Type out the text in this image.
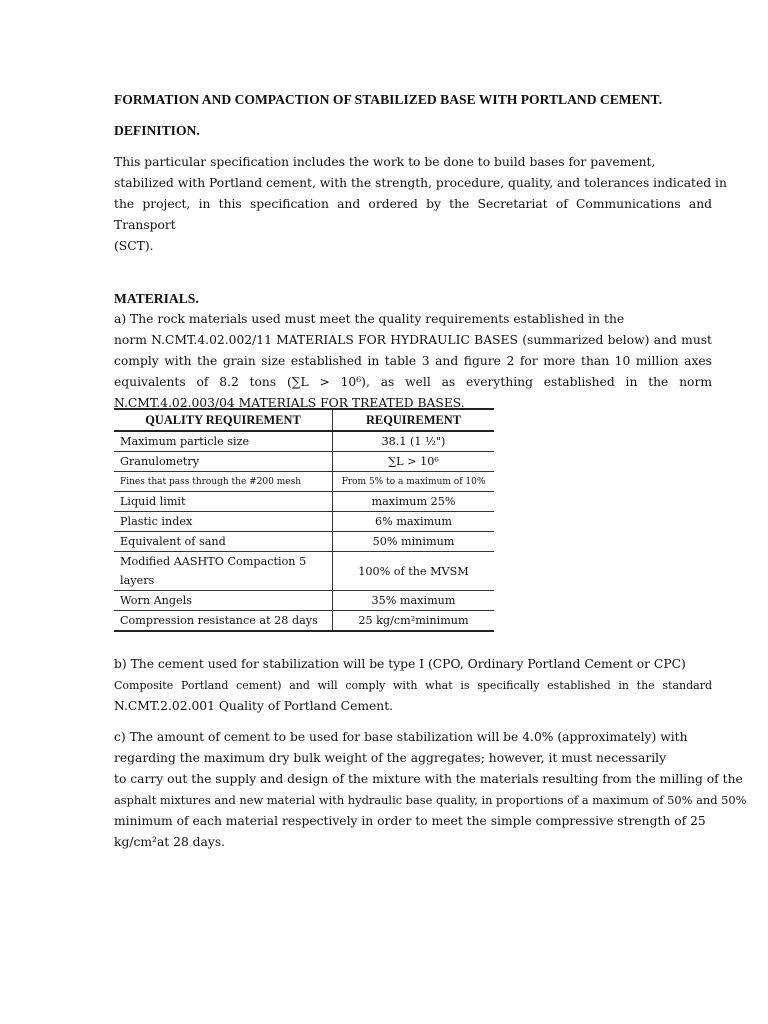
FORMATION AND COMPACTION OF STABILIZED BASE WITH PORTLAND CEMENT.
DEFINITION.
This particular specification includes the work to be done to build bases for pavement,
stabilized with Portland cement, with the strength, procedure, quality, and tolerances indicated in
the project, in this specification and ordered by the Secretariat of Communications and Transport
(SCT).
MATERIALS.
a) The rock materials used must meet the quality requirements established in the
norm N.CMT.4.02.002/11 MATERIALS FOR HYDRAULIC BASES (summarized below) and must
comply with the grain size established in table 3 and figure 2 for more than 10 million axes
equivalents of 8.2 tons (∑L > 10⁶), as well as everything established in the norm
N.CMT.4.02.003/04 MATERIALS FOR TREATED BASES.
QUALITY REQUIREMENT	REQUIREMENT
Maximum particle size	38.1 (1 ½")
Granulometry	∑L > 10⁶
Fines that pass through the #200 mesh	From 5% to a maximum of 10%
Liquid limit	maximum 25%
Plastic index	6% maximum
Equivalent of sand	50% minimum
Modified AASHTO Compaction 5 layers	100% of the MVSM
Worn Angels	35% maximum
Compression resistance at 28 days	25 kg/cm²minimum
b) The cement used for stabilization will be type I (CPO, Ordinary Portland Cement or CPC)
Composite Portland cement) and will comply with what is specifically established in the standard
N.CMT.2.02.001 Quality of Portland Cement.
c) The amount of cement to be used for base stabilization will be 4.0% (approximately) with
regarding the maximum dry bulk weight of the aggregates; however, it must necessarily
to carry out the supply and design of the mixture with the materials resulting from the milling of the
asphalt mixtures and new material with hydraulic base quality, in proportions of a maximum of 50% and 50%
minimum of each material respectively in order to meet the simple compressive strength of 25
kg/cm²at 28 days.
